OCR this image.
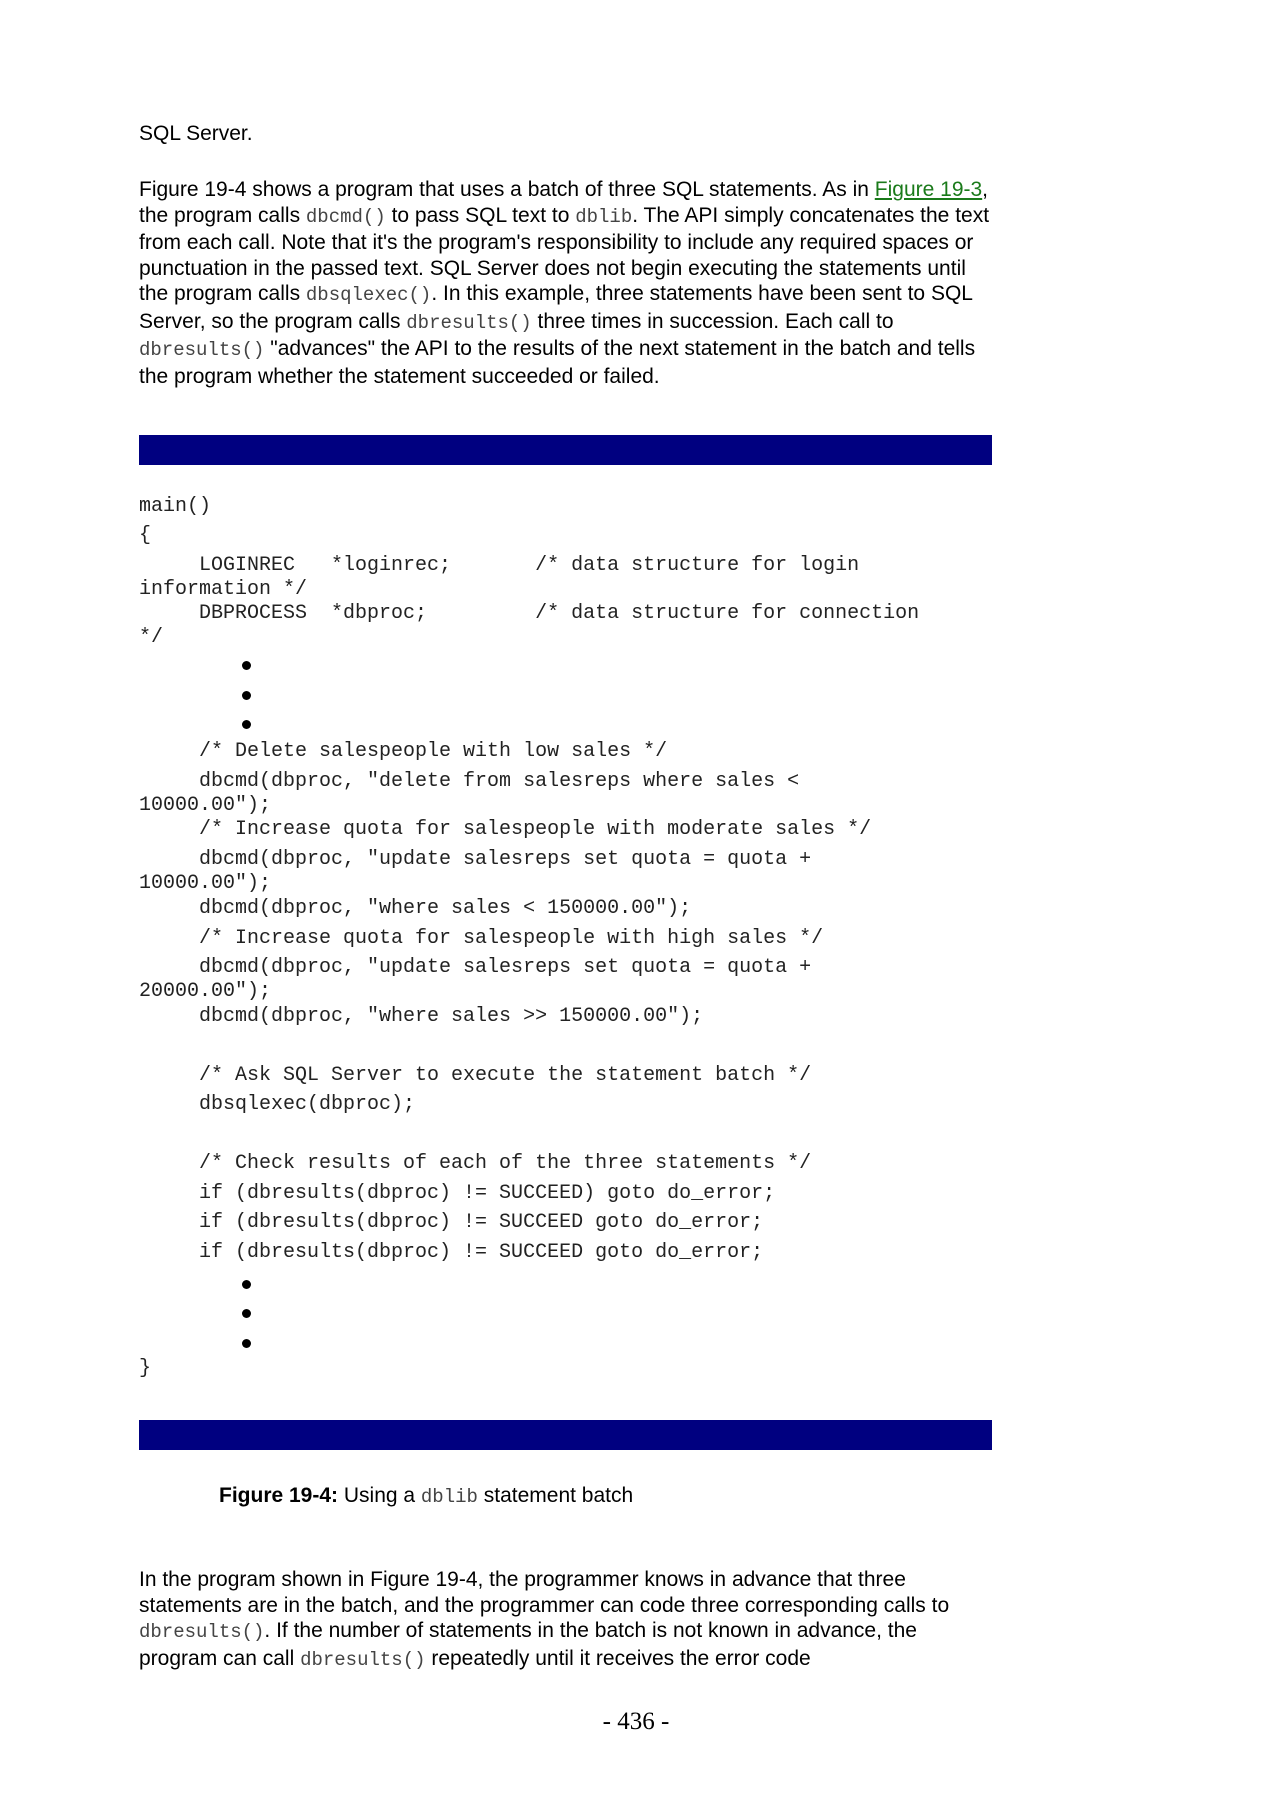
SQL Server.
Figure 19-4 shows a program that uses a batch of three SQL statements. As in Figure 19-3, the program calls dbcmd() to pass SQL text to dblib. The API simply concatenates the text from each call. Note that it's the program's responsibility to include any required spaces or punctuation in the passed text. SQL Server does not begin executing the statements until the program calls dbsqlexec(). In this example, three statements have been sent to SQL Server, so the program calls dbresults() three times in succession. Each call to dbresults() "advances" the API to the results of the next statement in the batch and tells the program whether the statement succeeded or failed.

main()

{

LOGINREC   *loginrec;       /* data structure for login

information */

DBPROCESS  *dbproc;         /* data structure for connection

*/

/* Delete salespeople with low sales */

dbcmd(dbproc, "delete from salesreps where sales <

10000.00");

/* Increase quota for salespeople with moderate sales */

dbcmd(dbproc, "update salesreps set quota = quota +

10000.00");

dbcmd(dbproc, "where sales < 150000.00");

/* Increase quota for salespeople with high sales */

dbcmd(dbproc, "update salesreps set quota = quota +

20000.00");

dbcmd(dbproc, "where sales >> 150000.00");

/* Ask SQL Server to execute the statement batch */

dbsqlexec(dbproc);

/* Check results of each of the three statements */

if (dbresults(dbproc) != SUCCEED) goto do_error;

if (dbresults(dbproc) != SUCCEED goto do_error;

if (dbresults(dbproc) != SUCCEED goto do_error;

}

Figure 19-4: Using a dblib statement batch
In the program shown in Figure 19-4, the programmer knows in advance that three statements are in the batch, and the programmer can code three corresponding calls to dbresults(). If the number of statements in the batch is not known in advance, the program can call dbresults() repeatedly until it receives the error code
- 436 -
